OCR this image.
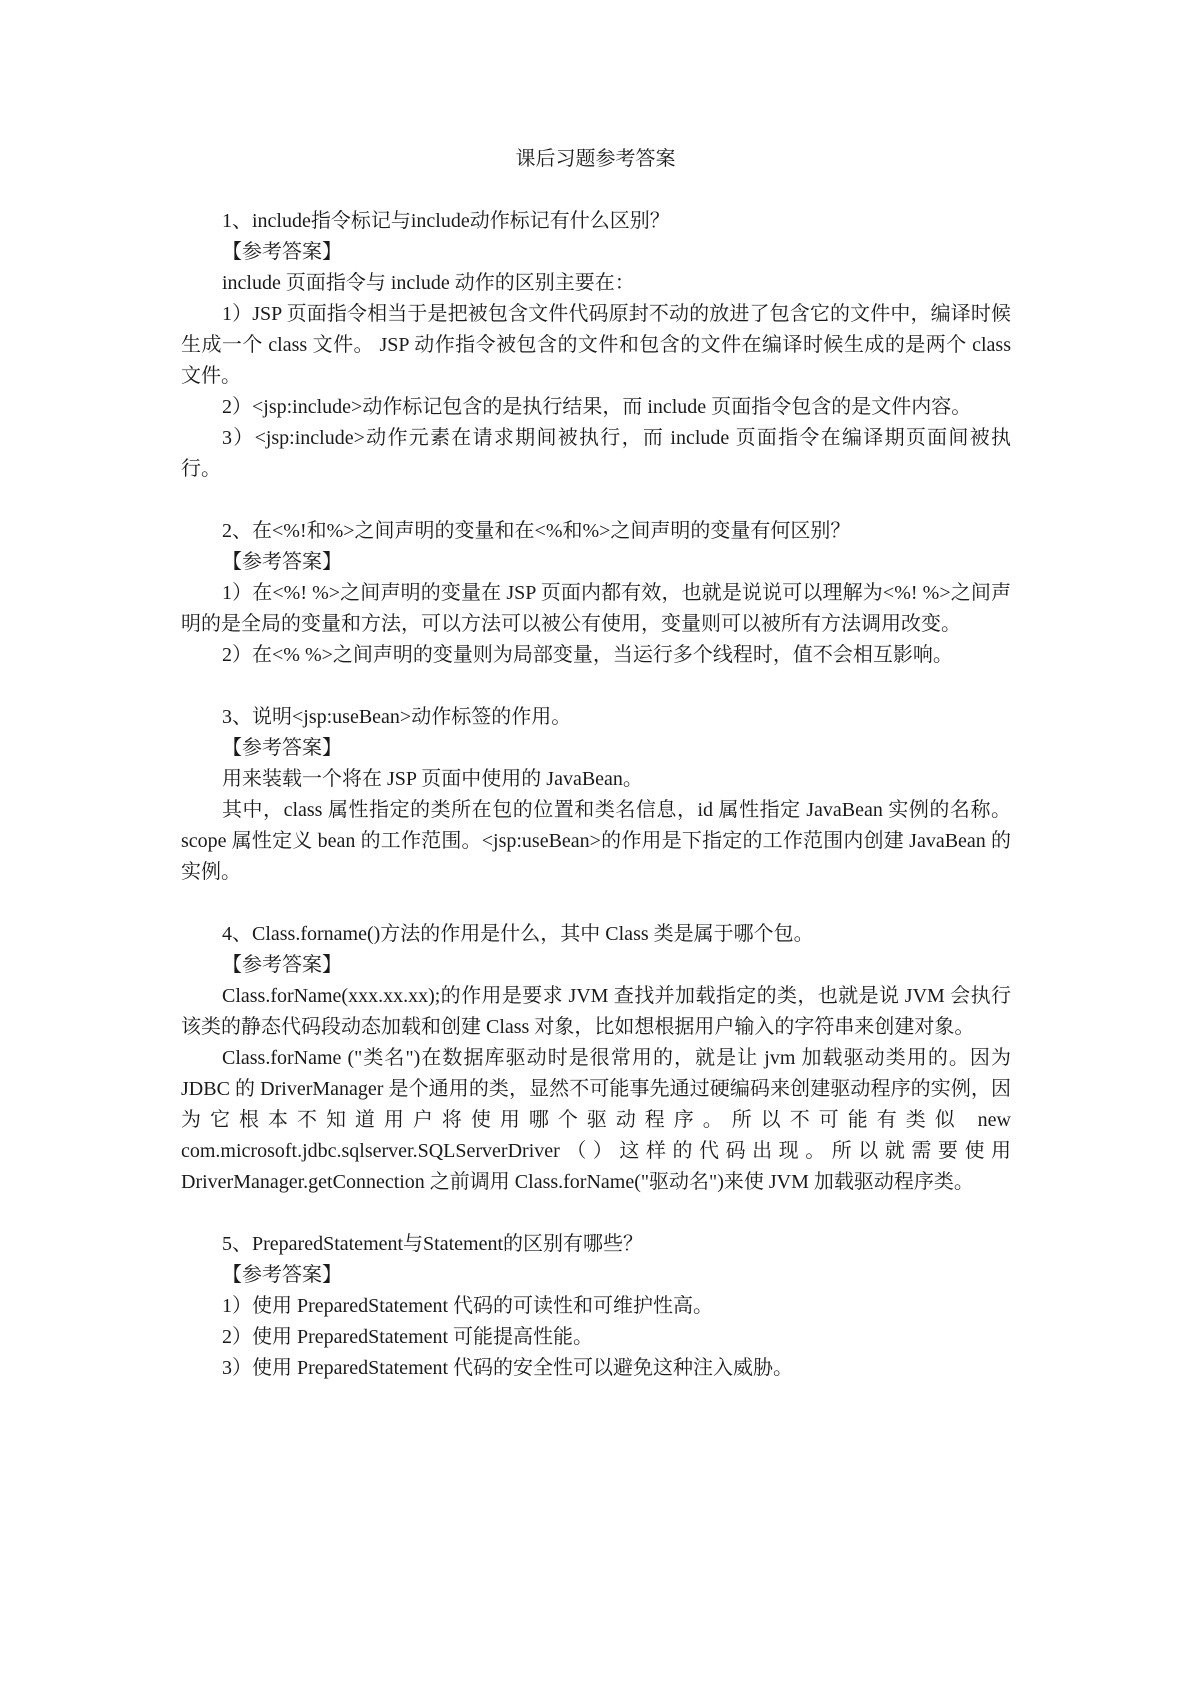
课后习题参考答案

1、include指令标记与include动作标记有什么区别？

【参考答案】

include 页面指令与 include 动作的区别主要在：

1）JSP 页面指令相当于是把被包含文件代码原封不动的放进了包含它的文件中，编译时候生成一个 class 文件。 JSP 动作指令被包含的文件和包含的文件在编译时候生成的是两个 class 文件。

2）<jsp:include>动作标记包含的是执行结果，而 include 页面指令包含的是文件内容。

3）<jsp:include>动作元素在请求期间被执行，而 include 页面指令在编译期页面间被执行。

2、在<%!和%>之间声明的变量和在<%和%>之间声明的变量有何区别？

【参考答案】

1）在<%! %>之间声明的变量在 JSP 页面内都有效，也就是说说可以理解为<%! %>之间声明的是全局的变量和方法，可以方法可以被公有使用，变量则可以被所有方法调用改变。

2）在<% %>之间声明的变量则为局部变量，当运行多个线程时，值不会相互影响。

3、说明<jsp:useBean>动作标签的作用。

【参考答案】

用来装载一个将在 JSP 页面中使用的 JavaBean。

其中，class 属性指定的类所在包的位置和类名信息，id 属性指定 JavaBean 实例的名称。scope 属性定义 bean 的工作范围。<jsp:useBean>的作用是下指定的工作范围内创建 JavaBean 的实例。

4、Class.forname()方法的作用是什么，其中 Class 类是属于哪个包。

【参考答案】

Class.forName(xxx.xx.xx);的作用是要求 JVM 查找并加载指定的类，也就是说 JVM 会执行该类的静态代码段动态加载和创建 Class 对象，比如想根据用户输入的字符串来创建对象。

Class.forName ("类名")在数据库驱动时是很常用的，就是让 jvm 加载驱动类用的。因为 JDBC 的 DriverManager 是个通用的类，显然不可能事先通过硬编码来创建驱动程序的实例，因为它根本不知道用户将使用哪个驱动程序。所以不可能有类似 new com.microsoft.jdbc.sqlserver.SQLServerDriver（）这样的代码出现。所以就需要使用 DriverManager.getConnection 之前调用 Class.forName("驱动名")来使 JVM 加载驱动程序类。

5、PreparedStatement与Statement的区别有哪些？

【参考答案】

1）使用 PreparedStatement 代码的可读性和可维护性高。

2）使用 PreparedStatement 可能提高性能。

3）使用 PreparedStatement 代码的安全性可以避免这种注入威胁。
